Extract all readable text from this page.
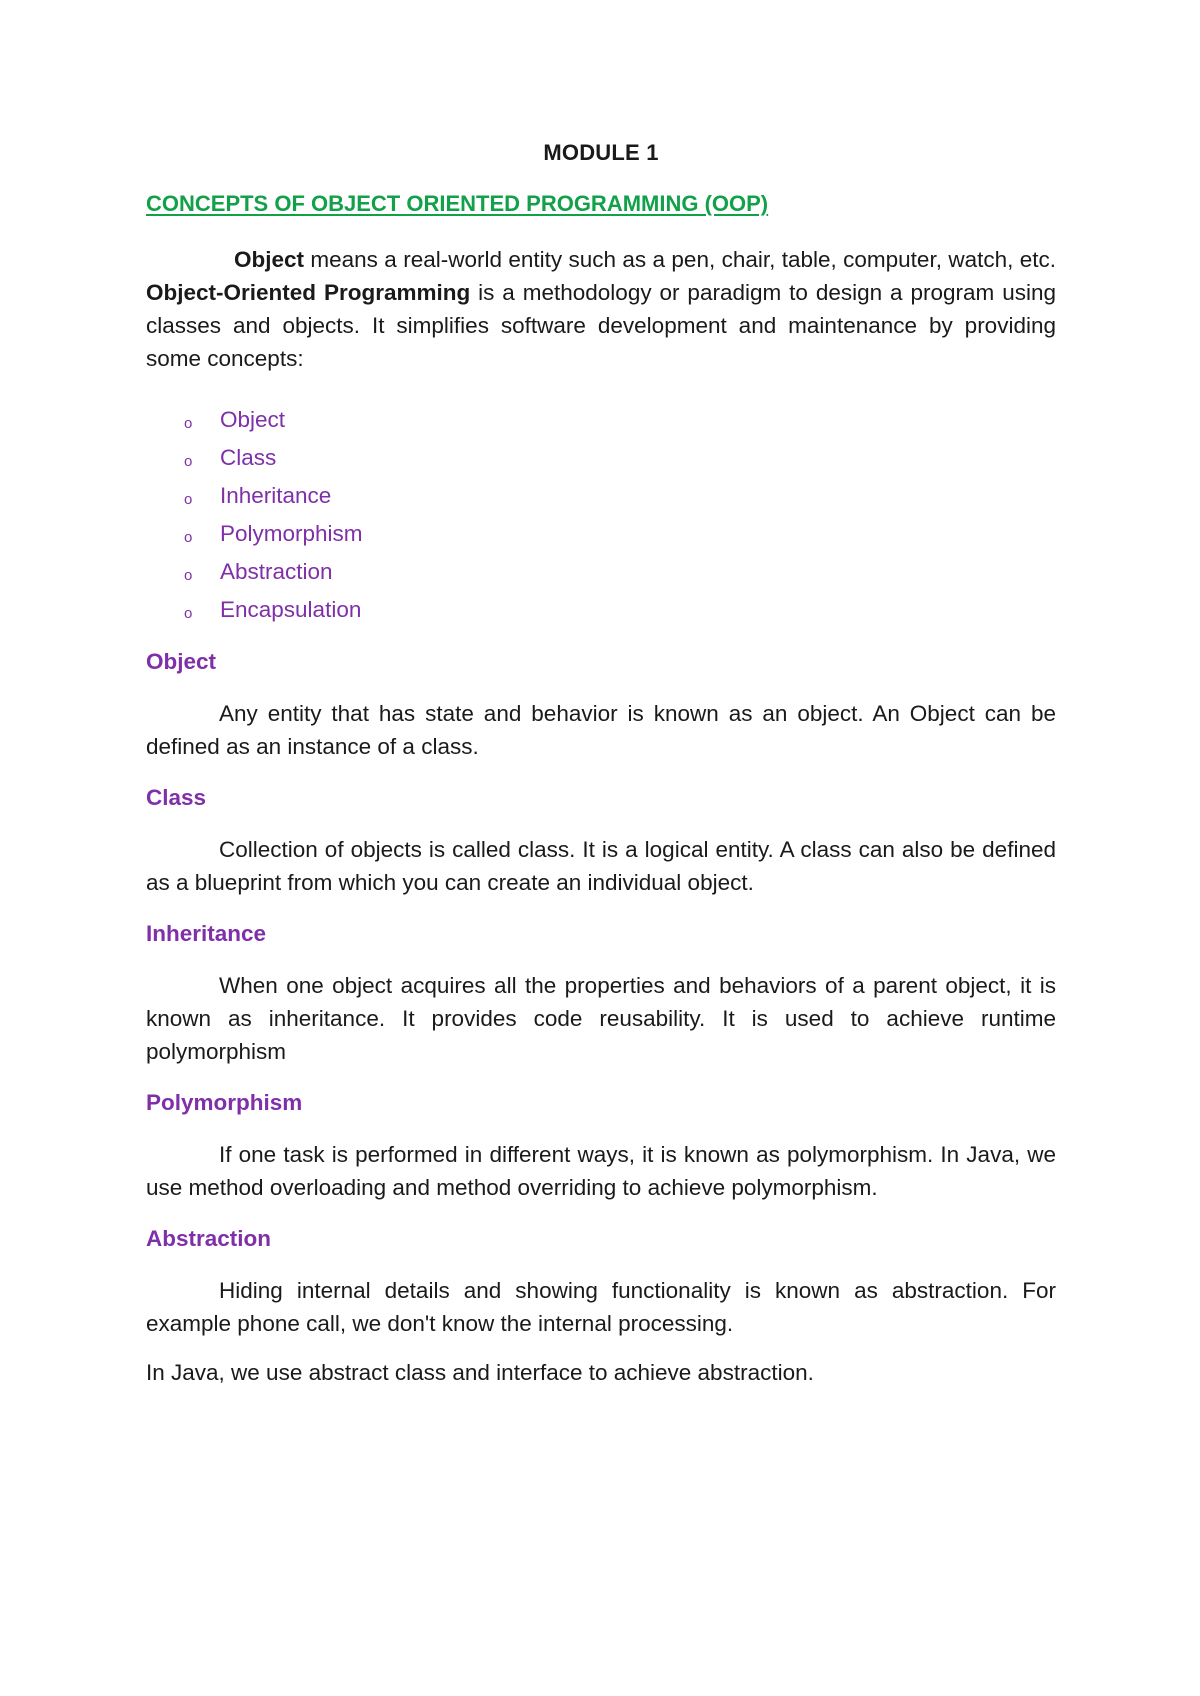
MODULE 1
CONCEPTS OF OBJECT ORIENTED PROGRAMMING (OOP)

Object means a real-world entity such as a pen, chair, table, computer, watch, etc. Object-Oriented Programming is a methodology or paradigm to design a program using classes and objects. It simplifies software development and maintenance by providing some concepts:

o	Object
o	Class
o	Inheritance
o	Polymorphism
o	Abstraction
o	Encapsulation
Object

Any entity that has state and behavior is known as an object. An Object can be defined as an instance of a class.

Class

Collection of objects is called class. It is a logical entity. A class can also be defined as a blueprint from which you can create an individual object.

Inheritance

When one object acquires all the properties and behaviors of a parent object, it is known as inheritance. It provides code reusability. It is used to achieve runtime polymorphism

Polymorphism

If one task is performed in different ways, it is known as polymorphism. In Java, we use method overloading and method overriding to achieve polymorphism.

Abstraction

Hiding internal details and showing functionality is known as abstraction. For example phone call, we don't know the internal processing.

In Java, we use abstract class and interface to achieve abstraction.
